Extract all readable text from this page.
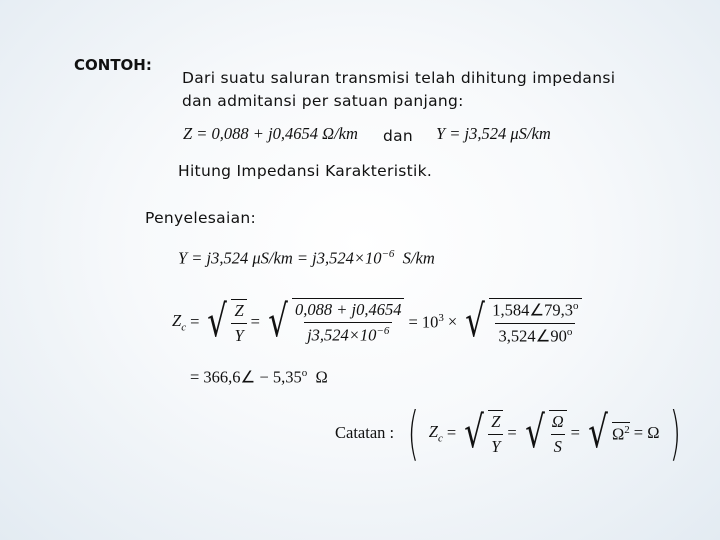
CONTOH:
Dari suatu saluran transmisi telah dihitung impedansi
dan admitansi per satuan panjang:
Z = 0,088 + j0,4654 Ω/km dan Y = j3,524 μS/km
Hitung Impedansi Karakteristik.
Penyelesaian:
Y = j3,524 $\mu S/km = j3,524\times 10^{-6}$ S/km
$Z_c$ = √ $\frac{Z}{Y}$ = √ $\frac{0,088 + j0,4654}{j3,524\times 10^{-6}} = 10^3$ × √ $\frac{1,584\angle 79,3^o}{3,524\angle 90^o}$
= 366,6∠ − $5,35^o$ Ω
Catatan : ( $Z_c$ = √ $\frac{Z}{Y}$ = √ $\frac{\Omega}{S}$ = √ $\Omega^2 = \Omega$ )
